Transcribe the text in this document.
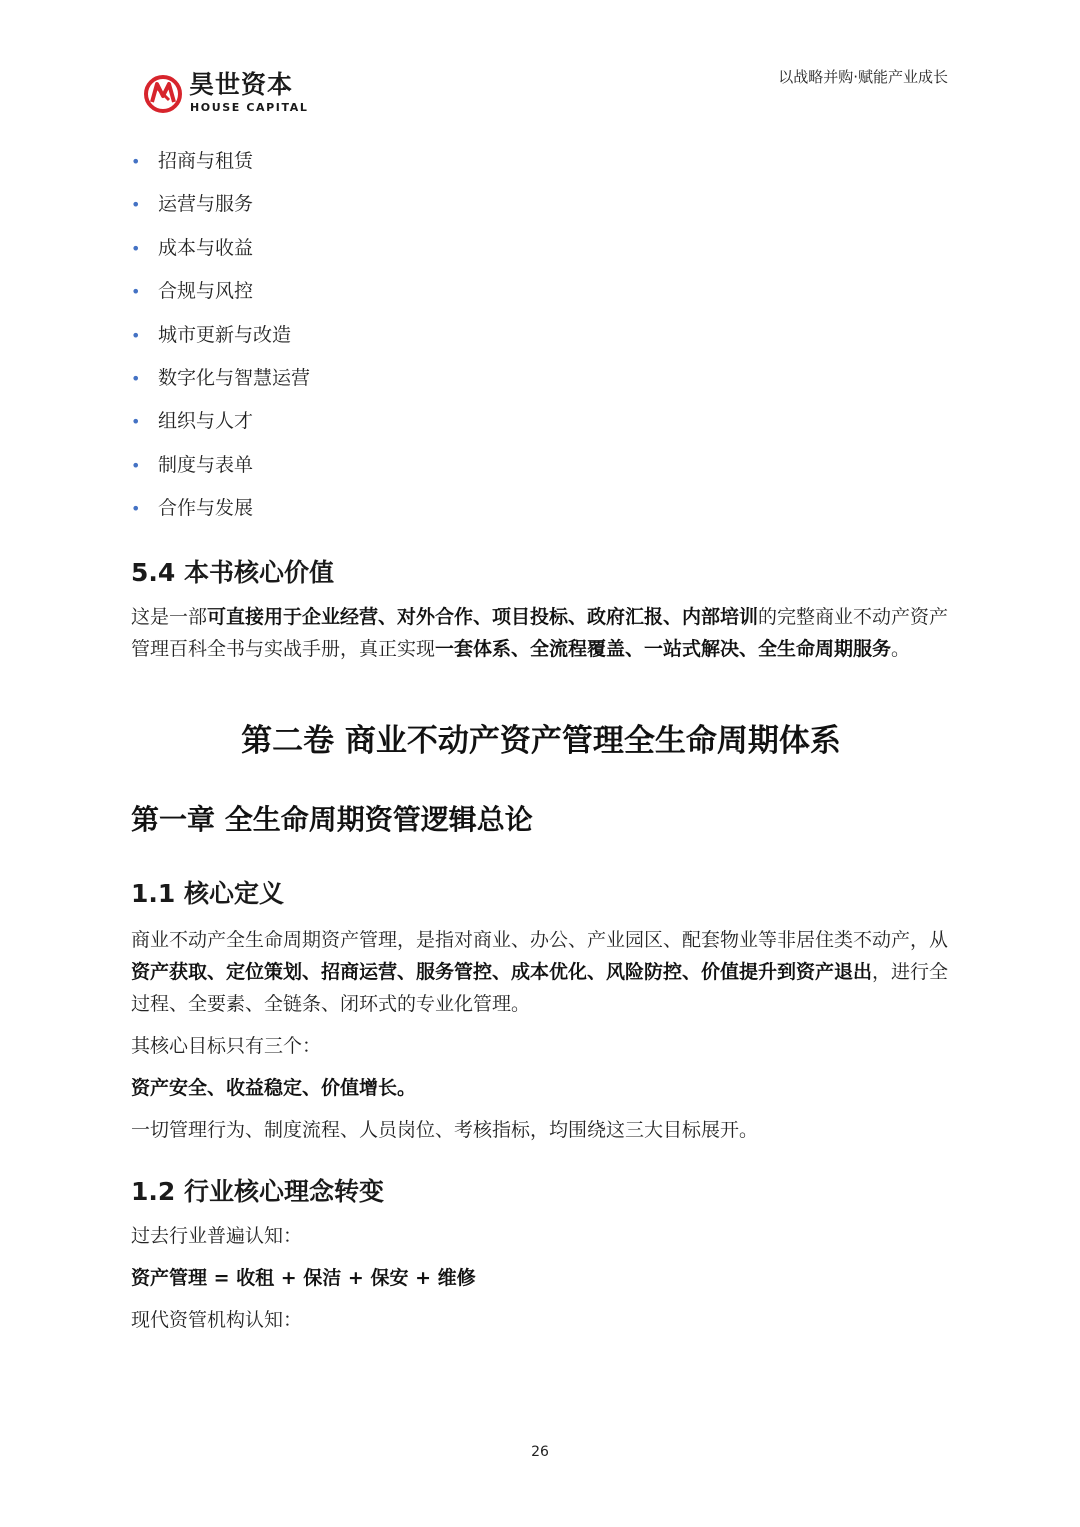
昊世资本
HOUSE CAPITAL
以战略并购·赋能产业成长
• 招商与租赁
• 运营与服务
• 成本与收益
• 合规与风控
• 城市更新与改造
• 数字化与智慧运营
• 组织与人才
• 制度与表单
• 合作与发展
5.4 本书核心价值

这是一部可直接用于企业经营、对外合作、项目投标、政府汇报、内部培训的完整商业不动产资产管理百科全书与实战手册，真正实现一套体系、全流程覆盖、一站式解决、全生命周期服务。

第二卷 商业不动产资产管理全生命周期体系
第一章 全生命周期资管逻辑总论
1.1 核心定义

商业不动产全生命周期资产管理，是指对商业、办公、产业园区、配套物业等非居住类不动产，从资产获取、定位策划、招商运营、服务管控、成本优化、风险防控、价值提升到资产退出，进行全过程、全要素、全链条、闭环式的专业化管理。

其核心目标只有三个：

资产安全、收益稳定、价值增长。

一切管理行为、制度流程、人员岗位、考核指标，均围绕这三大目标展开。

1.2 行业核心理念转变

过去行业普遍认知：

资产管理 = 收租 + 保洁 + 保安 + 维修

现代资管机构认知：

26
